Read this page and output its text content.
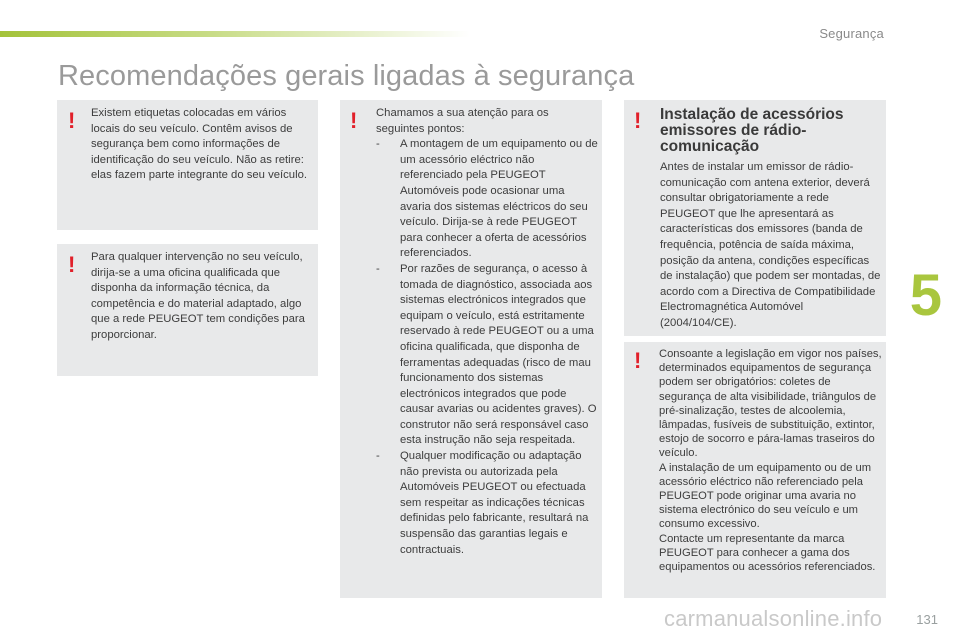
Segurança
Recomendações gerais ligadas à segurança
! Existem etiquetas colocadas em vários locais do seu veículo. Contêm avisos de segurança bem como informações de identificação do seu veículo. Não as retire: elas fazem parte integrante do seu veículo.

! Para qualquer intervenção no seu veículo, dirija-se a uma oficina qualificada que disponha da informação técnica, da competência e do material adaptado, algo que a rede PEUGEOT tem condições para proporcionar.

! Chamamos a sua atenção para os seguintes pontos:

- A montagem de um equipamento ou de um acessório eléctrico não referenciado pela PEUGEOT Automóveis pode ocasionar uma avaria dos sistemas eléctricos do seu veículo. Dirija-se à rede PEUGEOT para conhecer a oferta de acessórios referenciados.
- Por razões de segurança, o acesso à tomada de diagnóstico, associada aos sistemas electrónicos integrados que equipam o veículo, está estritamente reservado à rede PEUGEOT ou a uma oficina qualificada, que disponha de ferramentas adequadas (risco de mau funcionamento dos sistemas electrónicos integrados que pode causar avarias ou acidentes graves). O construtor não será responsável caso esta instrução não seja respeitada.
- Qualquer modificação ou adaptação não prevista ou autorizada pela Automóveis PEUGEOT ou efectuada sem respeitar as indicações técnicas definidas pelo fabricante, resultará na suspensão das garantias legais e contractuais.
! Instalação de acessórios emissores de rádio-comunicação

Antes de instalar um emissor de rádio-comunicação com antena exterior, deverá consultar obrigatoriamente a rede PEUGEOT que lhe apresentará as características dos emissores (banda de frequência, potência de saída máxima, posição da antena, condições específicas de instalação) que podem ser montadas, de acordo com a Directiva de Compatibilidade Electromagnética Automóvel (2004/104/CE).

! Consoante a legislação em vigor nos países, determinados equipamentos de segurança podem ser obrigatórios: coletes de segurança de alta visibilidade, triângulos de pré-sinalização, testes de alcoolemia, lâmpadas, fusíveis de substituição, extintor, estojo de socorro e pára-lamas traseiros do veículo.

A instalação de um equipamento ou de um acessório eléctrico não referenciado pela PEUGEOT pode originar uma avaria no sistema electrónico do seu veículo e um consumo excessivo.

Contacte um representante da marca PEUGEOT para conhecer a gama dos equipamentos ou acessórios referenciados.

5
carmanualsonline.info	131
